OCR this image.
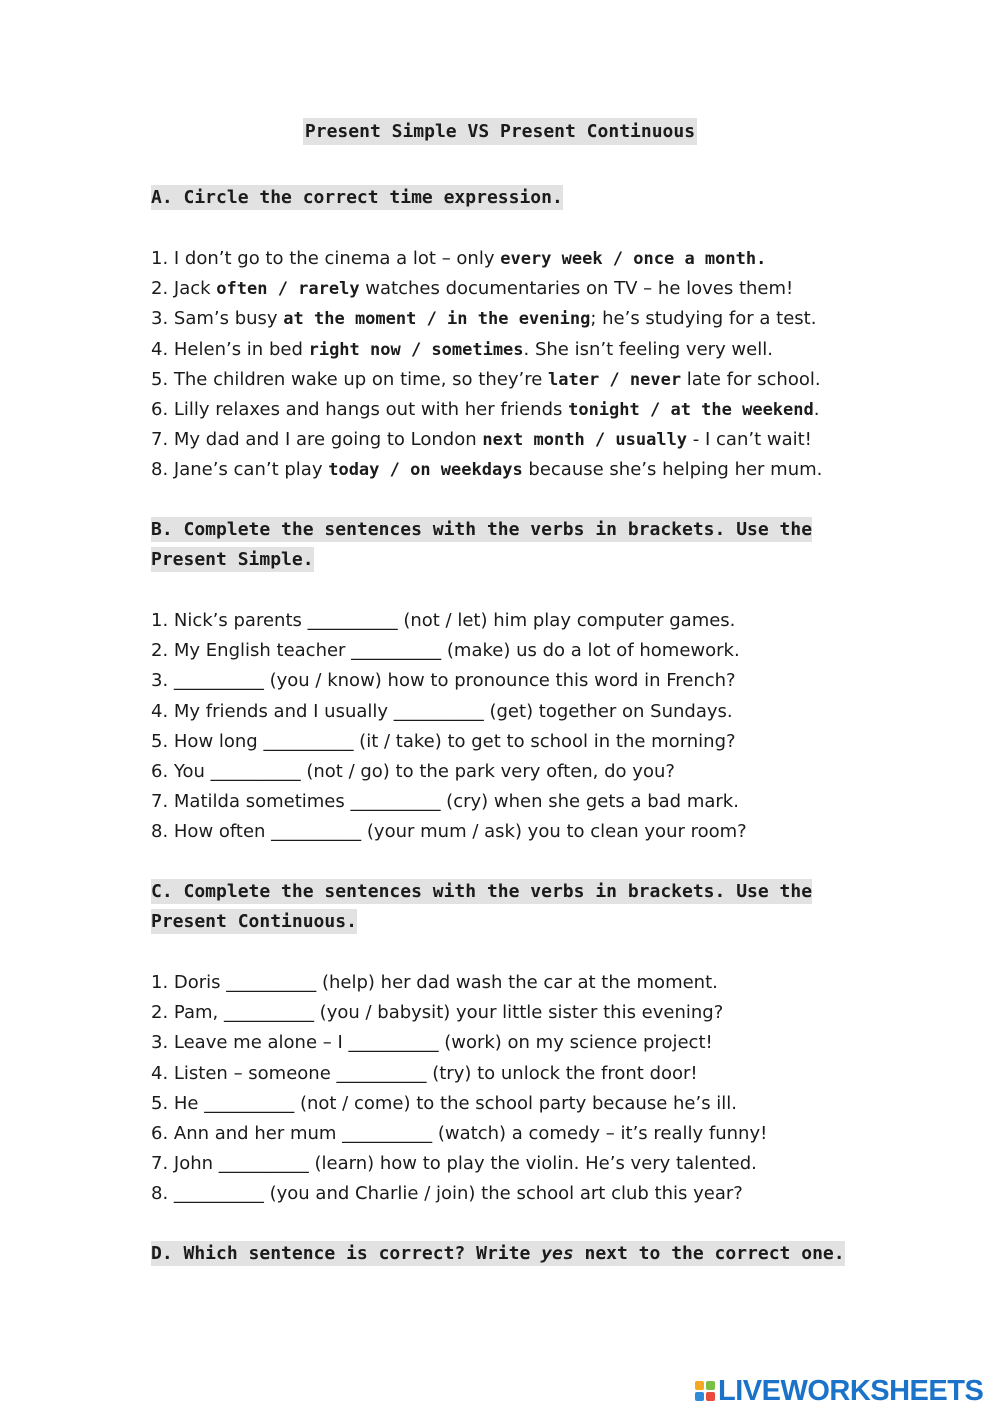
Present Simple VS Present Continuous
A. Circle the correct time expression.
1. I don’t go to the cinema a lot – only every week / once a month.
2. Jack often / rarely watches documentaries on TV – he loves them!
3. Sam’s busy at the moment / in the evening; he’s studying for a test.
4. Helen’s in bed right now / sometimes. She isn’t feeling very well.
5. The children wake up on time, so they’re later / never late for school.
6. Lilly relaxes and hangs out with her friends tonight / at the weekend.
7. My dad and I are going to London next month / usually - I can’t wait!
8. Jane’s can’t play today / on weekdays because she’s helping her mum.
B. Complete the sentences with the verbs in brackets. Use the
Present Simple.
1. Nick’s parents __________ (not / let) him play computer games.
2. My English teacher __________ (make) us do a lot of homework.
3. __________ (you / know) how to pronounce this word in French?
4. My friends and I usually __________ (get) together on Sundays.
5. How long __________ (it / take) to get to school in the morning?
6. You __________ (not / go) to the park very often, do you?
7. Matilda sometimes __________ (cry) when she gets a bad mark.
8. How often __________ (your mum / ask) you to clean your room?
C. Complete the sentences with the verbs in brackets. Use the
Present Continuous.
1. Doris __________ (help) her dad wash the car at the moment.
2. Pam, __________ (you / babysit) your little sister this evening?
3. Leave me alone – I __________ (work) on my science project!
4. Listen – someone __________ (try) to unlock the front door!
5. He __________ (not / come) to the school party because he’s ill.
6. Ann and her mum __________ (watch) a comedy – it’s really funny!
7. John __________ (learn) how to play the violin. He’s very talented.
8. __________ (you and Charlie / join) the school art club this year?
D. Which sentence is correct? Write yes next to the correct one.
LIVEWORKSHEETS
